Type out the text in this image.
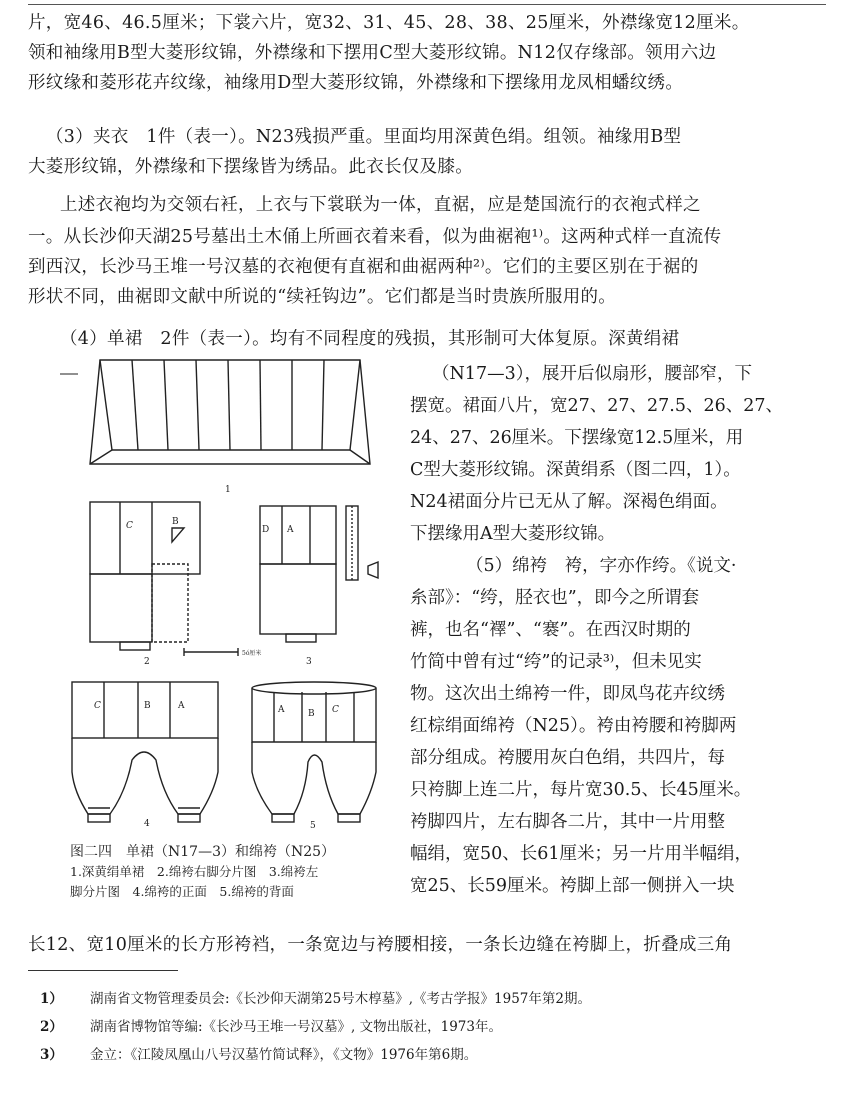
片，宽46、46.5厘米；下裳六片，宽32、31、45、28、38、25厘米，外襟缘宽12厘米。
领和袖缘用B型大菱形纹锦，外襟缘和下摆用C型大菱形纹锦。N12仅存缘部。领用六边
形纹缘和菱形花卉纹缘，袖缘用D型大菱形纹锦，外襟缘和下摆缘用龙凤相蟠纹绣。
（3）夹衣　1件（表一）。N23残损严重。里面均用深黄色绢。组领。袖缘用B型
大菱形纹锦，外襟缘和下摆缘皆为绣品。此衣长仅及膝。
上述衣袍均为交领右衽，上衣与下裳联为一体，直裾，应是楚国流行的衣袍式样之
一。从长沙仰天湖25号墓出土木俑上所画衣着来看，似为曲裾袍¹⁾。这两种式样一直流传
到西汉，长沙马王堆一号汉墓的衣袍便有直裾和曲裾两种²⁾。它们的主要区别在于裾的
形状不同，曲裾即文献中所说的“续衽钩边”。它们都是当时贵族所服用的。
（4）单裙　2件（表一）。均有不同程度的残损，其形制可大体复原。深黄绢裙
（N17—3），展开后似扇形，腰部窄，下
摆宽。裙面八片，宽27、27、27.5、26、27、
24、27、26厘米。下摆缘宽12.5厘米，用
C型大菱形纹锦。深黄绢系（图二四，1）。
N24裙面分片已无从了解。深褐色绢面。
下摆缘用A型大菱形纹锦。
（5）绵袴　袴，字亦作绔。《说文·
糸部》：“绔，胫衣也”，即今之所谓套
裤，也名“襗”、“褰”。在西汉时期的
竹简中曾有过“绔”的记录³⁾，但未见实
物。这次出土绵袴一件，即凤鸟花卉纹绣
红棕绢面绵袴（N25）。袴由袴腰和袴脚两
部分组成。袴腰用灰白色绢，共四片，每
只袴脚上连二片，每片宽30.5、长45厘米。
袴脚四片，左右脚各二片，其中一片用整
幅绢，宽50、长61厘米；另一片用半幅绢，
宽25、长59厘米。袴脚上部一侧拼入一块
1
C	B
2
5ó厘米
D A
3
C	B	A
4
A	B C
5
图二四　单裙（N17—3）和绵袴（N25）
1.深黄绢单裙　2.绵袴右脚分片图　3.绵袴左
脚分片图　4.绵袴的正面　5.绵袴的背面
长12、宽10厘米的长方形袴裆，一条宽边与袴腰相接，一条长边缝在袴脚上，折叠成三角
1） 湖南省文物管理委员会:《长沙仰天湖第25号木椁墓》,《考古学报》1957年第2期。
2） 湖南省博物馆等编:《长沙马王堆一号汉墓》, 文物出版社，1973年。
3） 金立：《江陵凤凰山八号汉墓竹简试释》，《文物》1976年第6期。
